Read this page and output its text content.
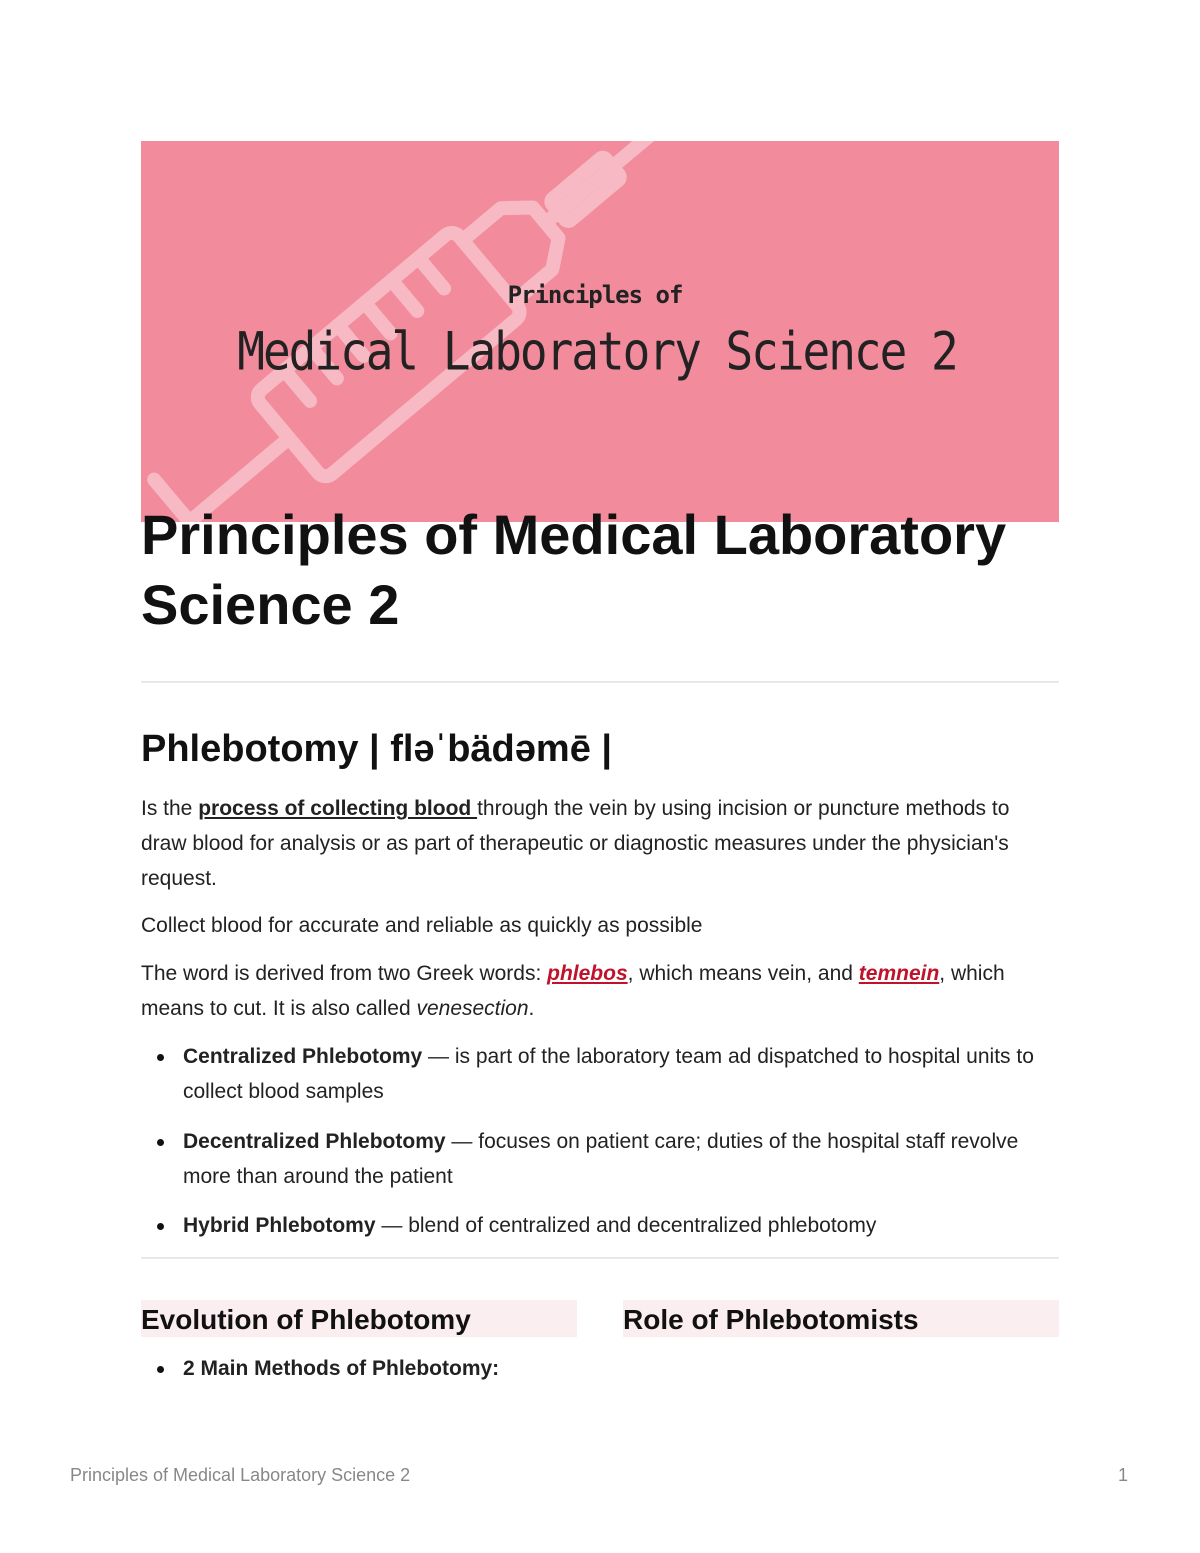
Principles of
Medical Laboratory Science 2
Principles of Medical Laboratory Science 2
Phlebotomy | fləˈbädəmē |

Is the process of collecting blood through the vein by using incision or puncture methods to draw blood for analysis or as part of therapeutic or diagnostic measures under the physician's request.

Collect blood for accurate and reliable as quickly as possible

The word is derived from two Greek words: phlebos, which means vein, and temnein, which means to cut. It is also called venesection.

Centralized Phlebotomy — is part of the laboratory team ad dispatched to hospital units to collect blood samples
Decentralized Phlebotomy — focuses on patient care; duties of the hospital staff revolve more than around the patient
Hybrid Phlebotomy — blend of centralized and decentralized phlebotomy
Evolution of Phlebotomy	Role of Phlebotomists
2 Main Methods of Phlebotomy:
Principles of Medical Laboratory Science 2	1
